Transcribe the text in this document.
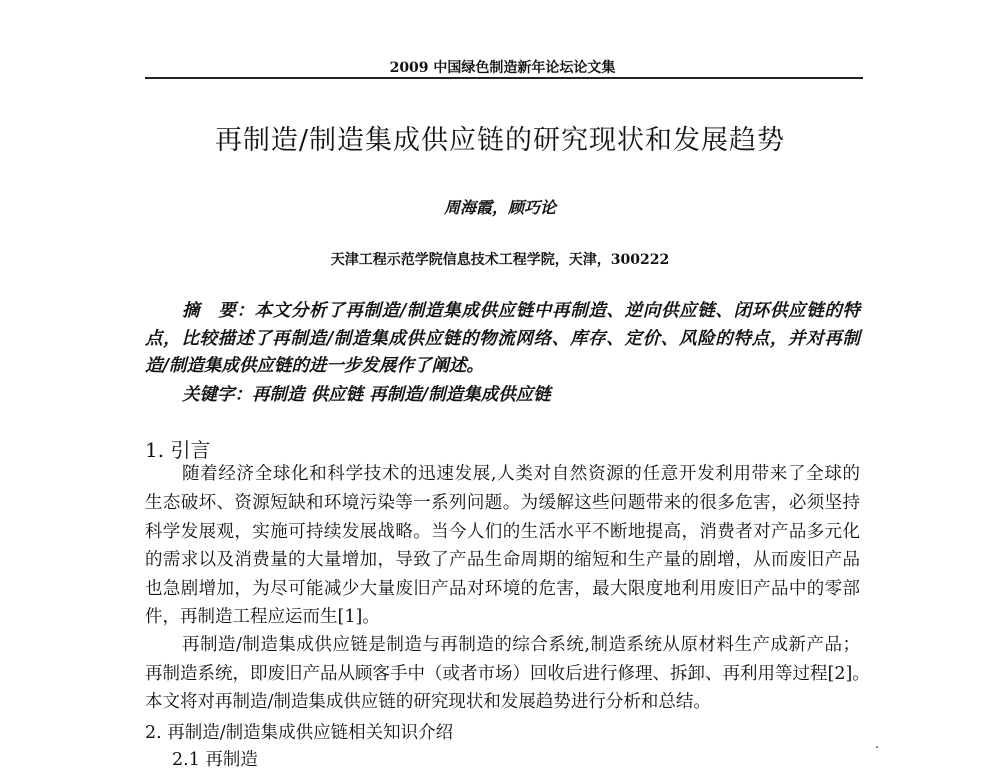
2009 中国绿色制造新年论坛论文集
再制造/制造集成供应链的研究现状和发展趋势
周海霞，顾巧论
天津工程示范学院信息技术工程学院，天津，300222
摘　要：本文分析了再制造/制造集成供应链中再制造、逆向供应链、闭环供应链的特
点，比较描述了再制造/制造集成供应链的物流网络、库存、定价、风险的特点，并对再制
造/制造集成供应链的进一步发展作了阐述。
关键字：再制造 供应链 再制造/制造集成供应链
1. 引言
随着经济全球化和科学技术的迅速发展,人类对自然资源的任意开发利用带来了全球的
生态破坏、资源短缺和环境污染等一系列问题。为缓解这些问题带来的很多危害，必须坚持
科学发展观，实施可持续发展战略。当今人们的生活水平不断地提高，消费者对产品多元化
的需求以及消费量的大量增加，导致了产品生命周期的缩短和生产量的剧增，从而废旧产品
也急剧增加，为尽可能减少大量废旧产品对环境的危害，最大限度地利用废旧产品中的零部
件，再制造工程应运而生[1]。
再制造/制造集成供应链是制造与再制造的综合系统,制造系统从原材料生产成新产品；
再制造系统，即废旧产品从顾客手中（或者市场）回收后进行修理、拆卸、再利用等过程[2]。
本文将对再制造/制造集成供应链的研究现状和发展趋势进行分析和总结。
2. 再制造/制造集成供应链相关知识介绍
2.1 再制造
